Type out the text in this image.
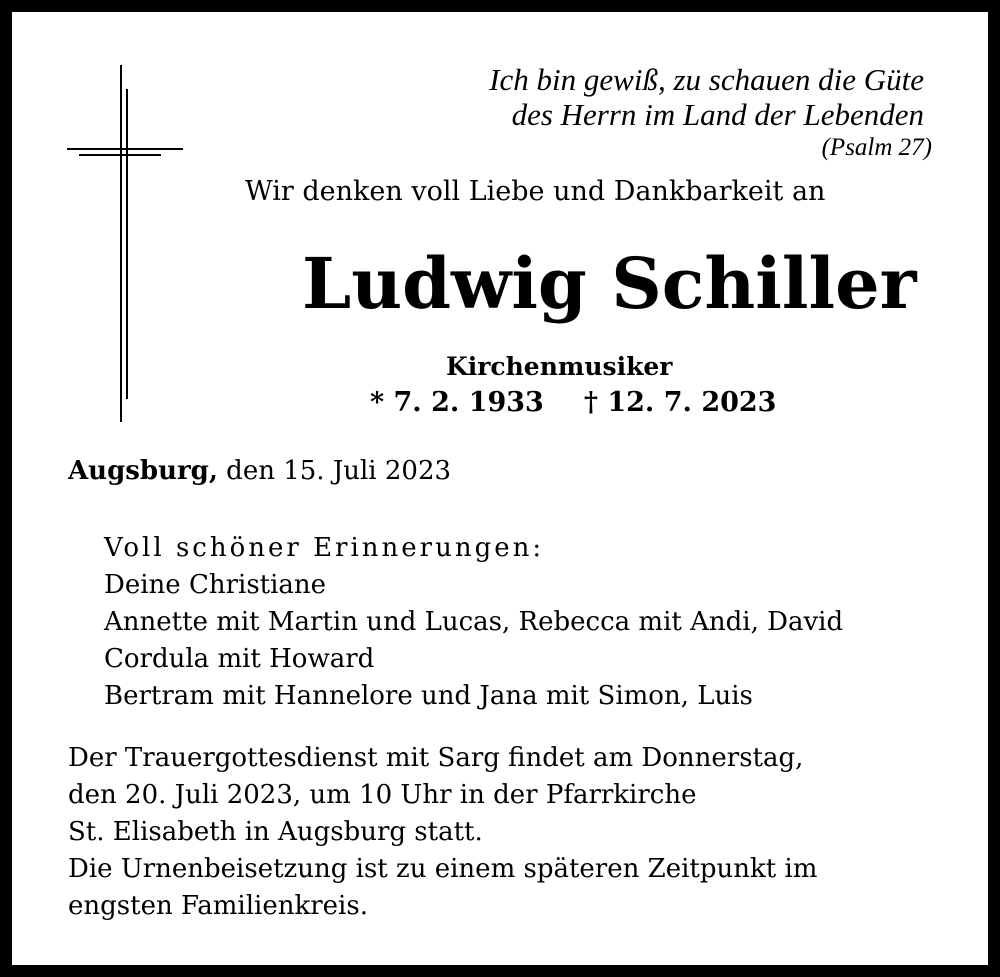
Ich bin gewiß, zu schauen die Güte
des Herrn im Land der Lebenden
(Psalm 27)
Wir denken voll Liebe und Dankbarkeit an
Ludwig Schiller
Kirchenmusiker
* 7. 2. 1933 † 12. 7. 2023
Augsburg, den 15. Juli 2023
Voll schöner Erinnerungen:
Deine Christiane
Annette mit Martin und Lucas, Rebecca mit Andi, David
Cordula mit Howard
Bertram mit Hannelore und Jana mit Simon, Luis
Der Trauergottesdienst mit Sarg findet am Donnerstag,
den 20. Juli 2023, um 10 Uhr in der Pfarrkirche
St. Elisabeth in Augsburg statt.
Die Urnenbeisetzung ist zu einem späteren Zeitpunkt im
engsten Familienkreis.
